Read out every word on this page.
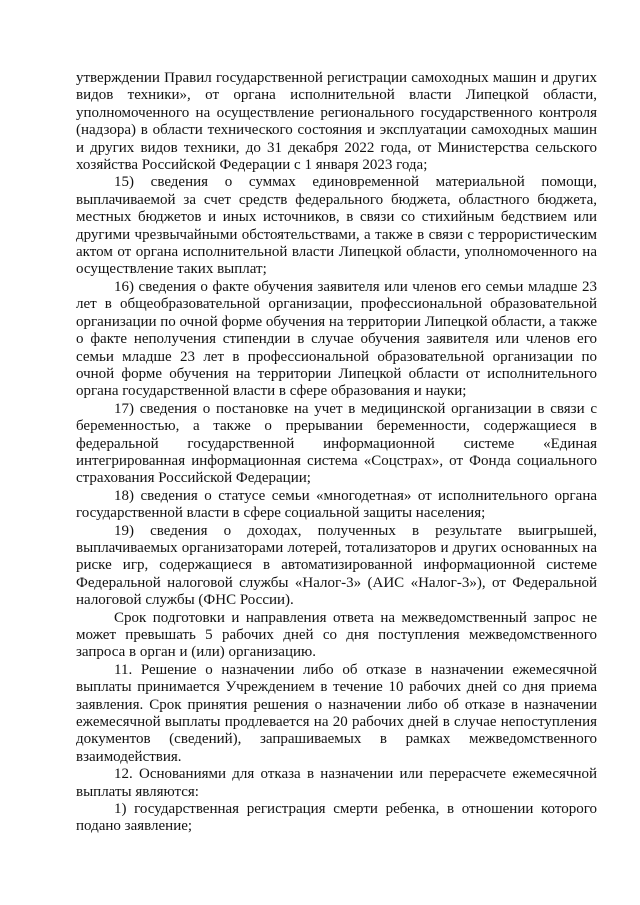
утверждении Правил государственной регистрации самоходных машин и других видов техники», от органа исполнительной власти Липецкой области, уполномоченного на осуществление регионального государственного контроля (надзора) в области технического состояния и эксплуатации самоходных машин и других видов техники, до 31 декабря 2022 года, от Министерства сельского хозяйства Российской Федерации с 1 января 2023 года;

15) сведения о суммах единовременной материальной помощи, выплачиваемой за счет средств федерального бюджета, областного бюджета, местных бюджетов и иных источников, в связи со стихийным бедствием или другими чрезвычайными обстоятельствами, а также в связи с террористическим актом от органа исполнительной власти Липецкой области, уполномоченного на осуществление таких выплат;

16) сведения о факте обучения заявителя или членов его семьи младше 23 лет в общеобразовательной организации, профессиональной образовательной организации по очной форме обучения на территории Липецкой области, а также о факте неполучения стипендии в случае обучения заявителя или членов его семьи младше 23 лет в профессиональной образовательной организации по очной форме обучения на территории Липецкой области от исполнительного органа государственной власти в сфере образования и науки;

17) сведения о постановке на учет в медицинской организации в связи с беременностью, а также о прерывании беременности, содержащиеся в федеральной государственной информационной системе «Единая интегрированная информационная система «Соцстрах», от Фонда социального страхования Российской Федерации;

18) сведения о статусе семьи «многодетная» от исполнительного органа государственной власти в сфере социальной защиты населения;

19) сведения о доходах, полученных в результате выигрышей, выплачиваемых организаторами лотерей, тотализаторов и других основанных на риске игр, содержащиеся в автоматизированной информационной системе Федеральной налоговой службы «Налог-3» (АИС «Налог-3»), от Федеральной налоговой службы (ФНС России).

Срок подготовки и направления ответа на межведомственный запрос не может превышать 5 рабочих дней со дня поступления межведомственного запроса в орган и (или) организацию.

11. Решение о назначении либо об отказе в назначении ежемесячной выплаты принимается Учреждением в течение 10 рабочих дней со дня приема заявления. Срок принятия решения о назначении либо об отказе в назначении ежемесячной выплаты продлевается на 20 рабочих дней в случае непоступления документов (сведений), запрашиваемых в рамках межведомственного взаимодействия.

12. Основаниями для отказа в назначении или перерасчете ежемесячной выплаты являются:

1) государственная регистрация смерти ребенка, в отношении которого подано заявление;
